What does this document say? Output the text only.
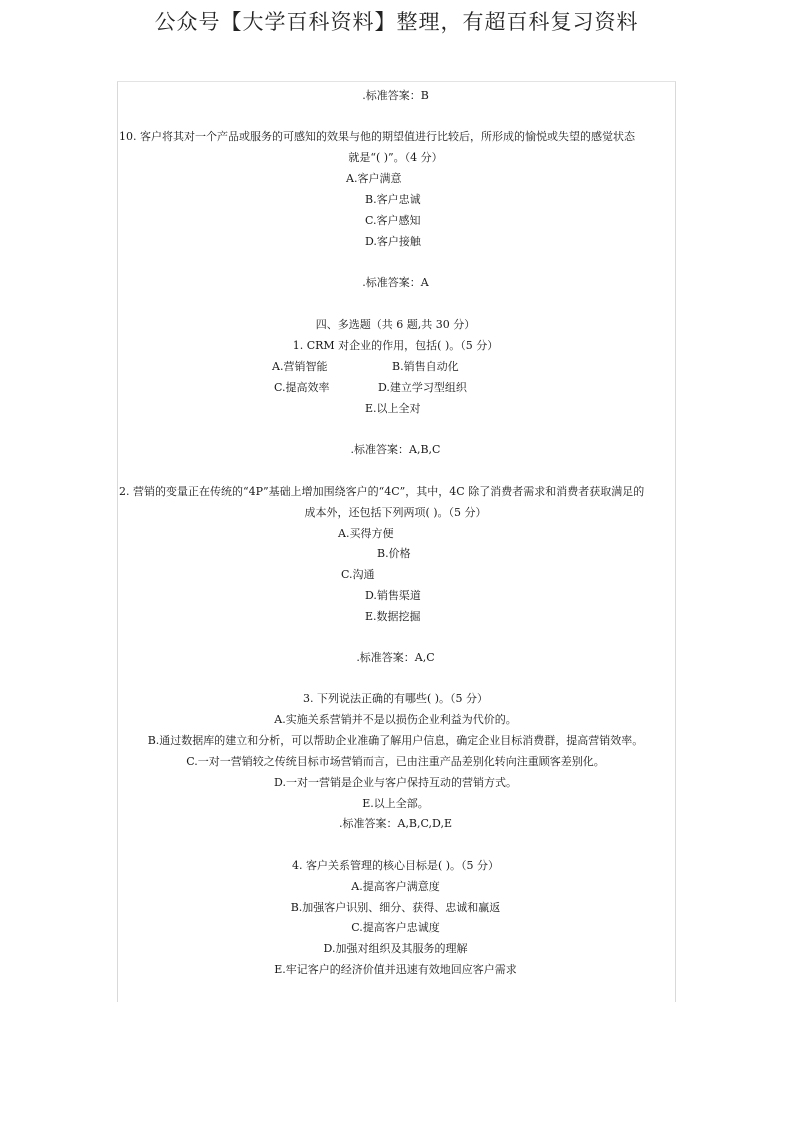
公众号【大学百科资料】整理，有超百科复习资料
.标准答案：B
10. 客户将其对一个产品或服务的可感知的效果与他的期望值进行比较后，所形成的愉悦或失望的感觉状态
就是“( )”。（4 分）
A.客户满意
B.客户忠诚
C.客户感知
D.客户接触
.标准答案：A
四、多选题（共 6 题,共 30 分）
1. CRM 对企业的作用，包括( )。（5 分）
A.营销智能	B.销售自动化
C.提高效率	D.建立学习型组织
E.以上全对
.标准答案：A,B,C
2. 营销的变量正在传统的“4P”基础上增加围绕客户的“4C”，其中，4C 除了消费者需求和消费者获取满足的
成本外，还包括下列两项( )。（5 分）
A.买得方便
B.价格
C.沟通
D.销售渠道
E.数据挖掘
.标准答案：A,C
3. 下列说法正确的有哪些( )。（5 分）
A.实施关系营销并不是以损伤企业利益为代价的。
B.通过数据库的建立和分析，可以帮助企业准确了解用户信息，确定企业目标消费群，提高营销效率。
C.一对一营销较之传统目标市场营销而言，已由注重产品差别化转向注重顾客差别化。
D.一对一营销是企业与客户保持互动的营销方式。
E.以上全部。
.标准答案：A,B,C,D,E
4. 客户关系管理的核心目标是( )。（5 分）
A.提高客户满意度
B.加强客户识别、细分、获得、忠诚和赢返
C.提高客户忠诚度
D.加强对组织及其服务的理解
E.牢记客户的经济价值并迅速有效地回应客户需求
